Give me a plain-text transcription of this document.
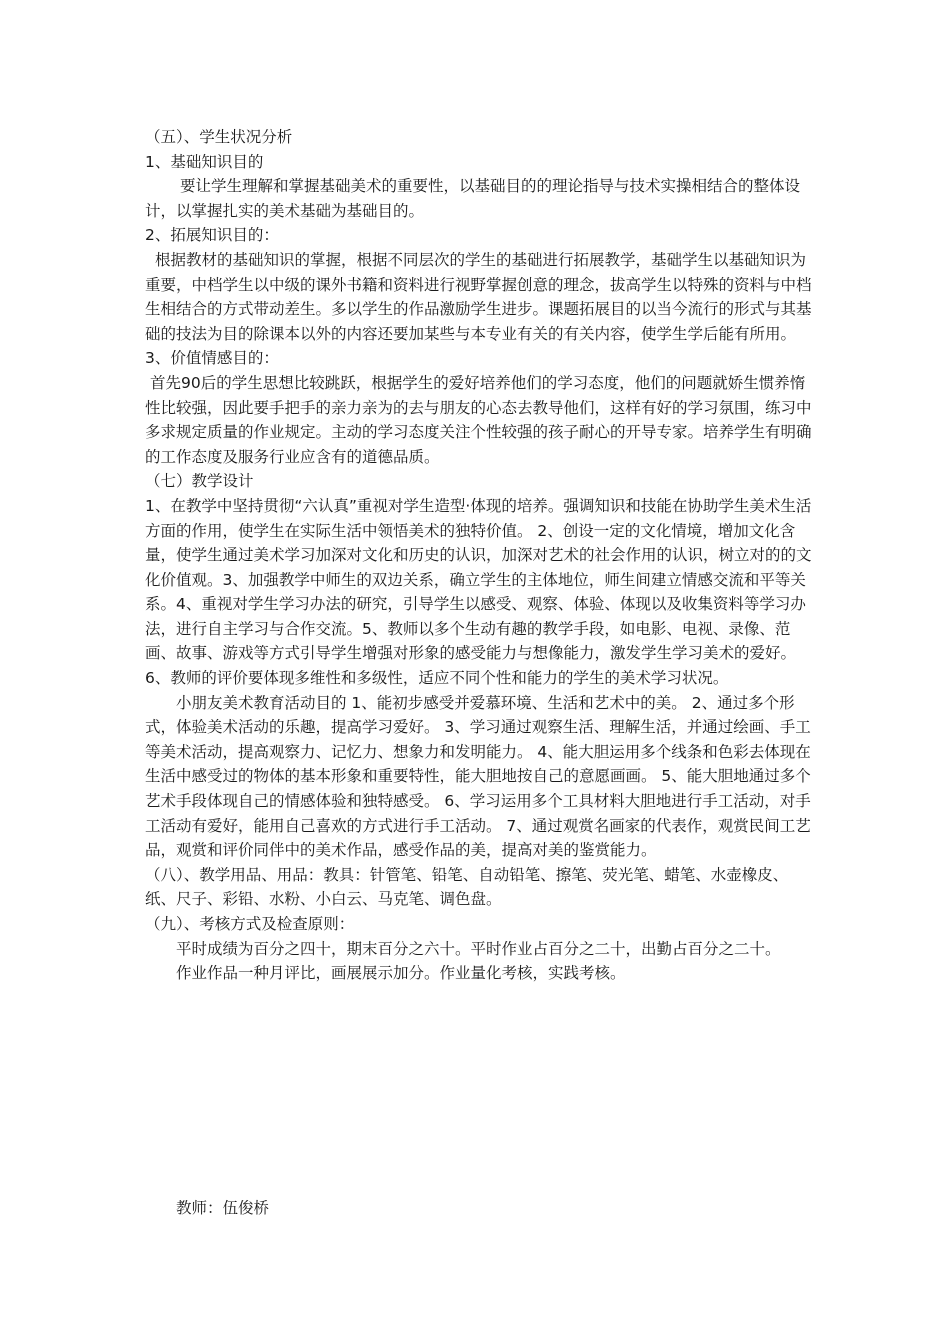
（五）、学生状况分析

1、基础知识目的

要让学生理解和掌握基础美术的重要性，以基础目的的理论指导与技术实操相结合的整体设计，以掌握扎实的美术基础为基础目的。

2、拓展知识目的：

根据教材的基础知识的掌握，根据不同层次的学生的基础进行拓展教学，基础学生以基础知识为重要，中档学生以中级的课外书籍和资料进行视野掌握创意的理念，拔高学生以特殊的资料与中档生相结合的方式带动差生。多以学生的作品激励学生进步。课题拓展目的以当今流行的形式与其基础的技法为目的除课本以外的内容还要加某些与本专业有关的有关内容，使学生学后能有所用。

3、价值情感目的：

首先90后的学生思想比较跳跃，根据学生的爱好培养他们的学习态度，他们的问题就娇生惯养惰性比较强，因此要手把手的亲力亲为的去与朋友的心态去教导他们，这样有好的学习氛围，练习中多求规定质量的作业规定。主动的学习态度关注个性较强的孩子耐心的开导专家。培养学生有明确的工作态度及服务行业应含有的道德品质。

（七）教学设计

1、在教学中坚持贯彻“六认真”重视对学生造型·体现的培养。强调知识和技能在协助学生美术生活方面的作用，使学生在实际生活中领悟美术的独特价值。 2、创设一定的文化情境，增加文化含量，使学生通过美术学习加深对文化和历史的认识，加深对艺术的社会作用的认识，树立对的的文化价值观。3、加强教学中师生的双边关系，确立学生的主体地位，师生间建立情感交流和平等关系。4、重视对学生学习办法的研究，引导学生以感受、观察、体验、体现以及收集资料等学习办法，进行自主学习与合作交流。5、教师以多个生动有趣的教学手段，如电影、电视、录像、范画、故事、游戏等方式引导学生增强对形象的感受能力与想像能力，激发学生学习美术的爱好。6、教师的评价要体现多维性和多级性，适应不同个性和能力的学生的美术学习状况。

小朋友美术教育活动目的 1、能初步感受并爱慕环境、生活和艺术中的美。 2、通过多个形式，体验美术活动的乐趣，提高学习爱好。 3、学习通过观察生活、理解生活，并通过绘画、手工等美术活动，提高观察力、记忆力、想象力和发明能力。 4、能大胆运用多个线条和色彩去体现在生活中感受过的物体的基本形象和重要特性，能大胆地按自己的意愿画画。 5、能大胆地通过多个艺术手段体现自己的情感体验和独特感受。 6、学习运用多个工具材料大胆地进行手工活动，对手工活动有爱好，能用自己喜欢的方式进行手工活动。 7、通过观赏名画家的代表作，观赏民间工艺品，观赏和评价同伴中的美术作品，感受作品的美，提高对美的鉴赏能力。

（八）、教学用品、用品：教具：针管笔、铅笔、自动铅笔、擦笔、荧光笔、蜡笔、水壶橡皮、纸、尺子、彩铅、水粉、小白云、马克笔、调色盘。

（九）、考核方式及检查原则：

平时成绩为百分之四十，期末百分之六十。平时作业占百分之二十，出勤占百分之二十。

作业作品一种月评比，画展展示加分。作业量化考核，实践考核。

教师：伍俊桥
